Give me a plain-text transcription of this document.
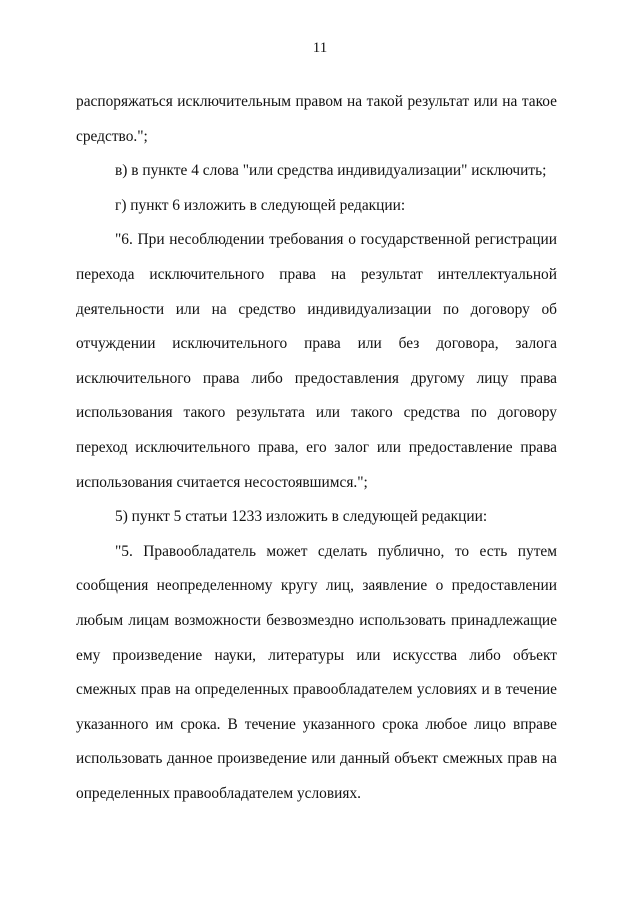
11

распоряжаться исключительным правом на такой результат или на такое средство.";

в) в пункте 4 слова "или средства индивидуализации" исключить;

г) пункт 6 изложить в следующей редакции:

"6. При несоблюдении требования о государственной регистрации перехода исключительного права на результат интеллектуальной деятельности или на средство индивидуализации по договору об отчуждении исключительного права или без договора, залога исключительного права либо предоставления другому лицу права использования такого результата или такого средства по договору переход исключительного права, его залог или предоставление права использования считается несостоявшимся.";

5) пункт 5 статьи 1233 изложить в следующей редакции:

"5. Правообладатель может сделать публично, то есть путем сообщения неопределенному кругу лиц, заявление о предоставлении любым лицам возможности безвозмездно использовать принадлежащие ему произведение науки, литературы или искусства либо объект смежных прав на определенных правообладателем условиях и в течение указанного им срока. В течение указанного срока любое лицо вправе использовать данное произведение или данный объект смежных прав на определенных правообладателем условиях.
